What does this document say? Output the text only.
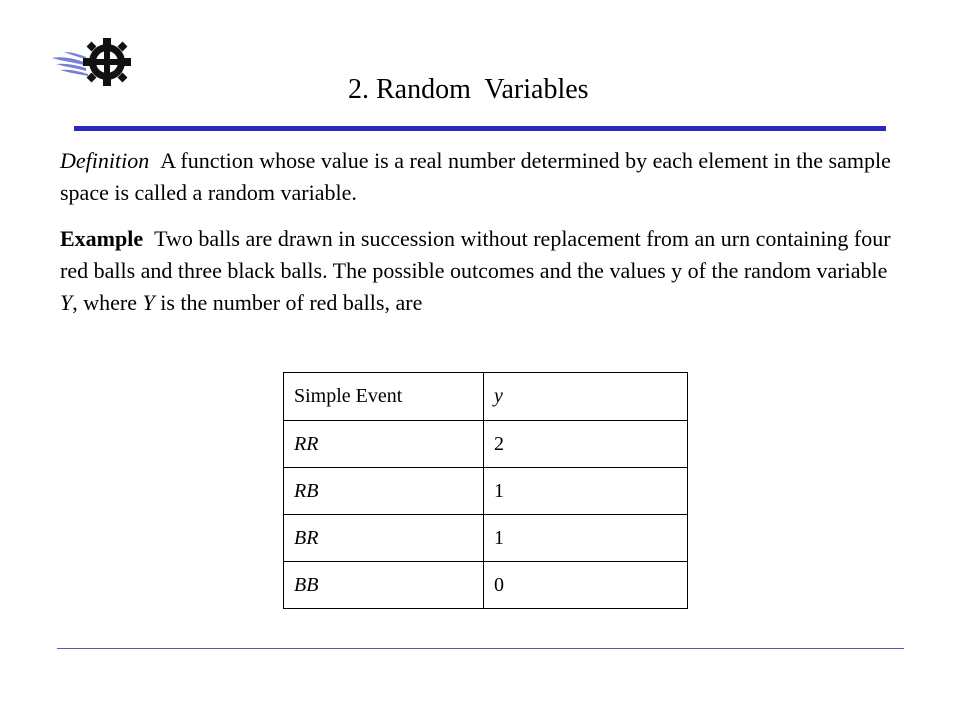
2. Random  Variables
Definition A function whose value is a real number determined by each element in the sample space is called a random variable.
Example Two balls are drawn in succession without replacement from an urn containing four red balls and three black balls. The possible outcomes and the values y of the random variable Y, where Y is the number of red balls, are
Simple Event	y
RR	2
RB	1
BR	1
BB	0
